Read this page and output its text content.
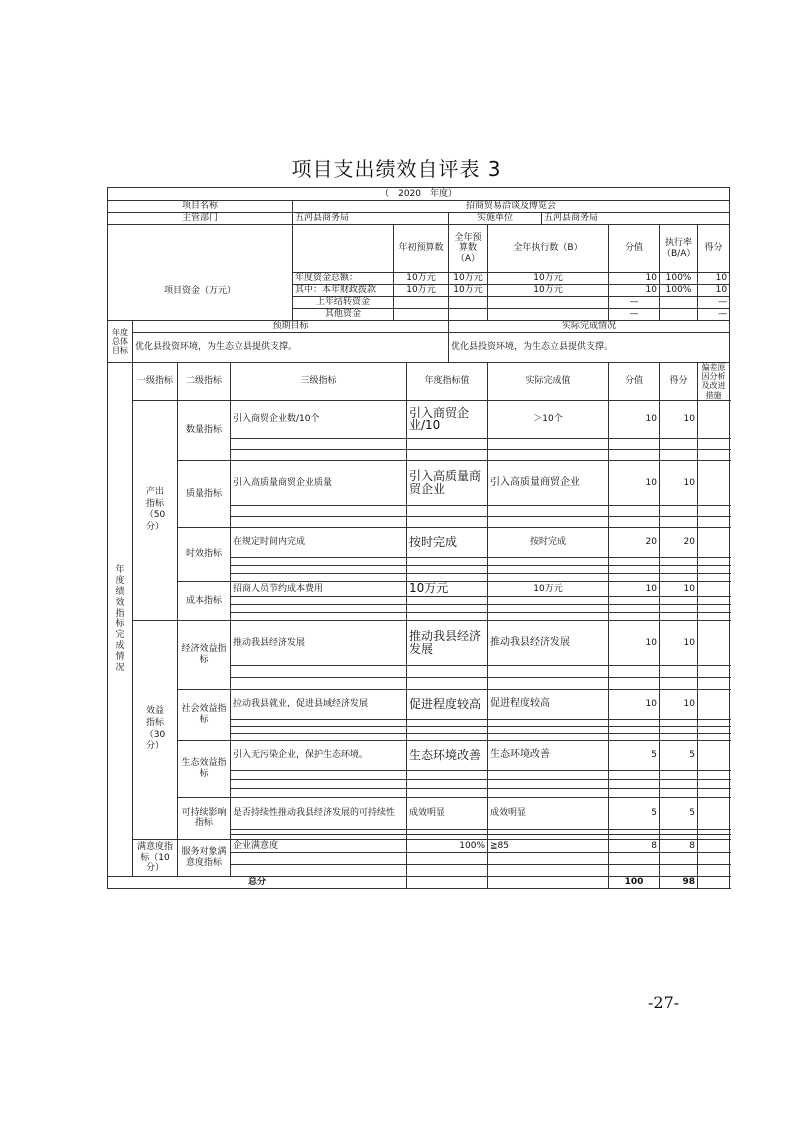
项目支出绩效自评表 3
（　2020　年度）												
项目名称				招商贸易洽谈及博览会								
主管部门				五河县商务局			实施单位		五河县商务局			
项目资金（万元）					年初预算数		全年预算数（A）	全年执行数（B）		分值	执行率（B/A）	得分
				年度资金总额：	10万元		10万元	10万元		10	100%	10
				其中：本年财政拨款	10万元		10万元	10万元		10	100%	10
				上年结转资金						—		—
				其他资金						—		—
年度总体目标	预期目标						实际完成情况					
	优化县投资环境，为生态立县提供支撑。						优化县投资环境，为生态立县提供支撑。					
年度绩效指标完成情况	一级指标	二级指标	三级指标			年度指标值		实际完成值		分值	得分	偏差原因分析及改进措施
	产出指标（50分）	数量指标	引入商贸企业数/10个			引入商贸企业/10		＞10个		10	10	

		质量指标	引入高质量商贸企业质量			引入高质量商贸企业		引入高质量商贸企业		10	10	

		时效指标	在规定时间内完成			按时完成		按时完成		20	20	

		成本指标	招商人员节约成本费用			10万元		10万元		10	10	

	效益指标（30分）	经济效益指标	推动我县经济发展			推动我县经济发展		推动我县经济发展		10	10	

		社会效益指标	拉动我县就业，促进县域经济发展			促进程度较高		促进程度较高		10	10	

		生态效益指标	引入无污染企业，保护生态环境。			生态环境改善		生态环境改善		5	5	

		可持续影响指标	是否持续性推动我县经济发展的可持续性			成效明显		成效明显		5	5	

	满意度指标（10分）	服务对象满意度指标	企业满意度			100%		≧85		8	8	

总分										100	98	
-27-
